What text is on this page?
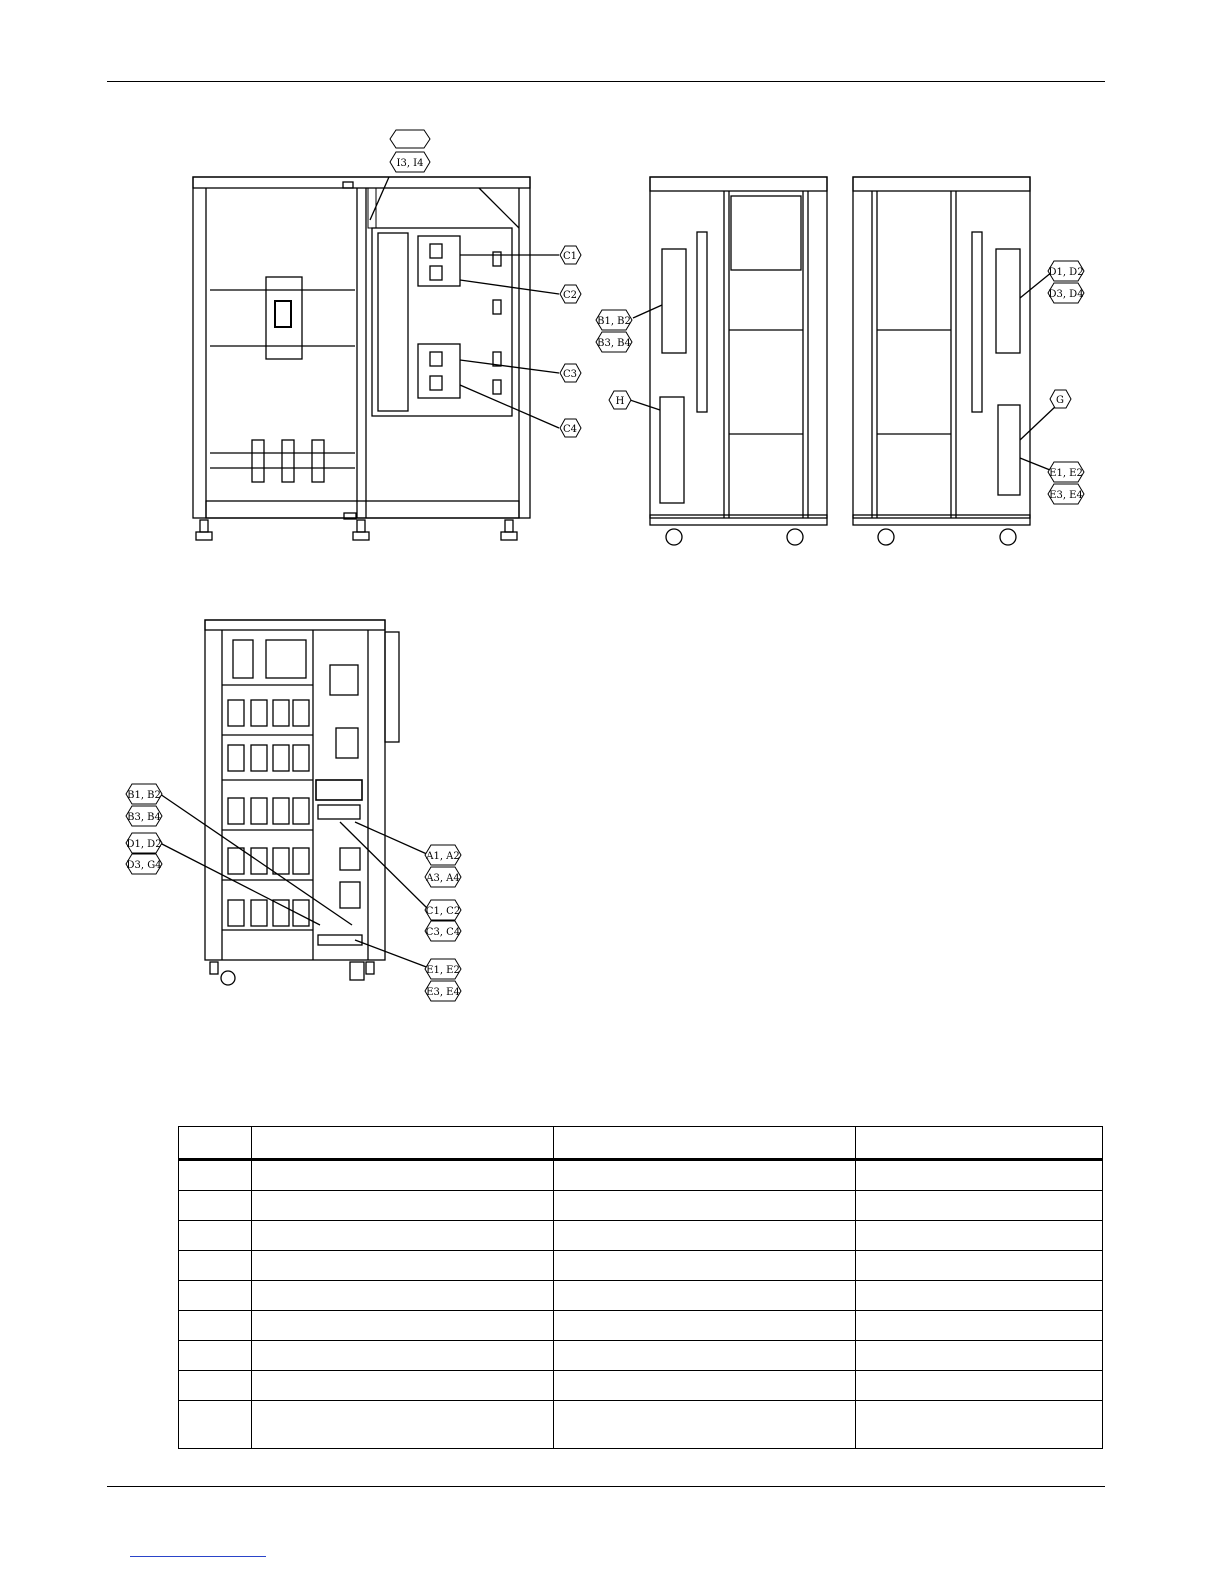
I3, I4
C1
C2
C3
C4
B1, B2
B3, B4
H
D1, D2
D3, D4
G
E1, E2
E3, E4
B1, B2
B3, B4
D1, D2
D3, G4
A1, A2
A3, A4
C1, C2
C3, C4
E1, E2
E3, E4
